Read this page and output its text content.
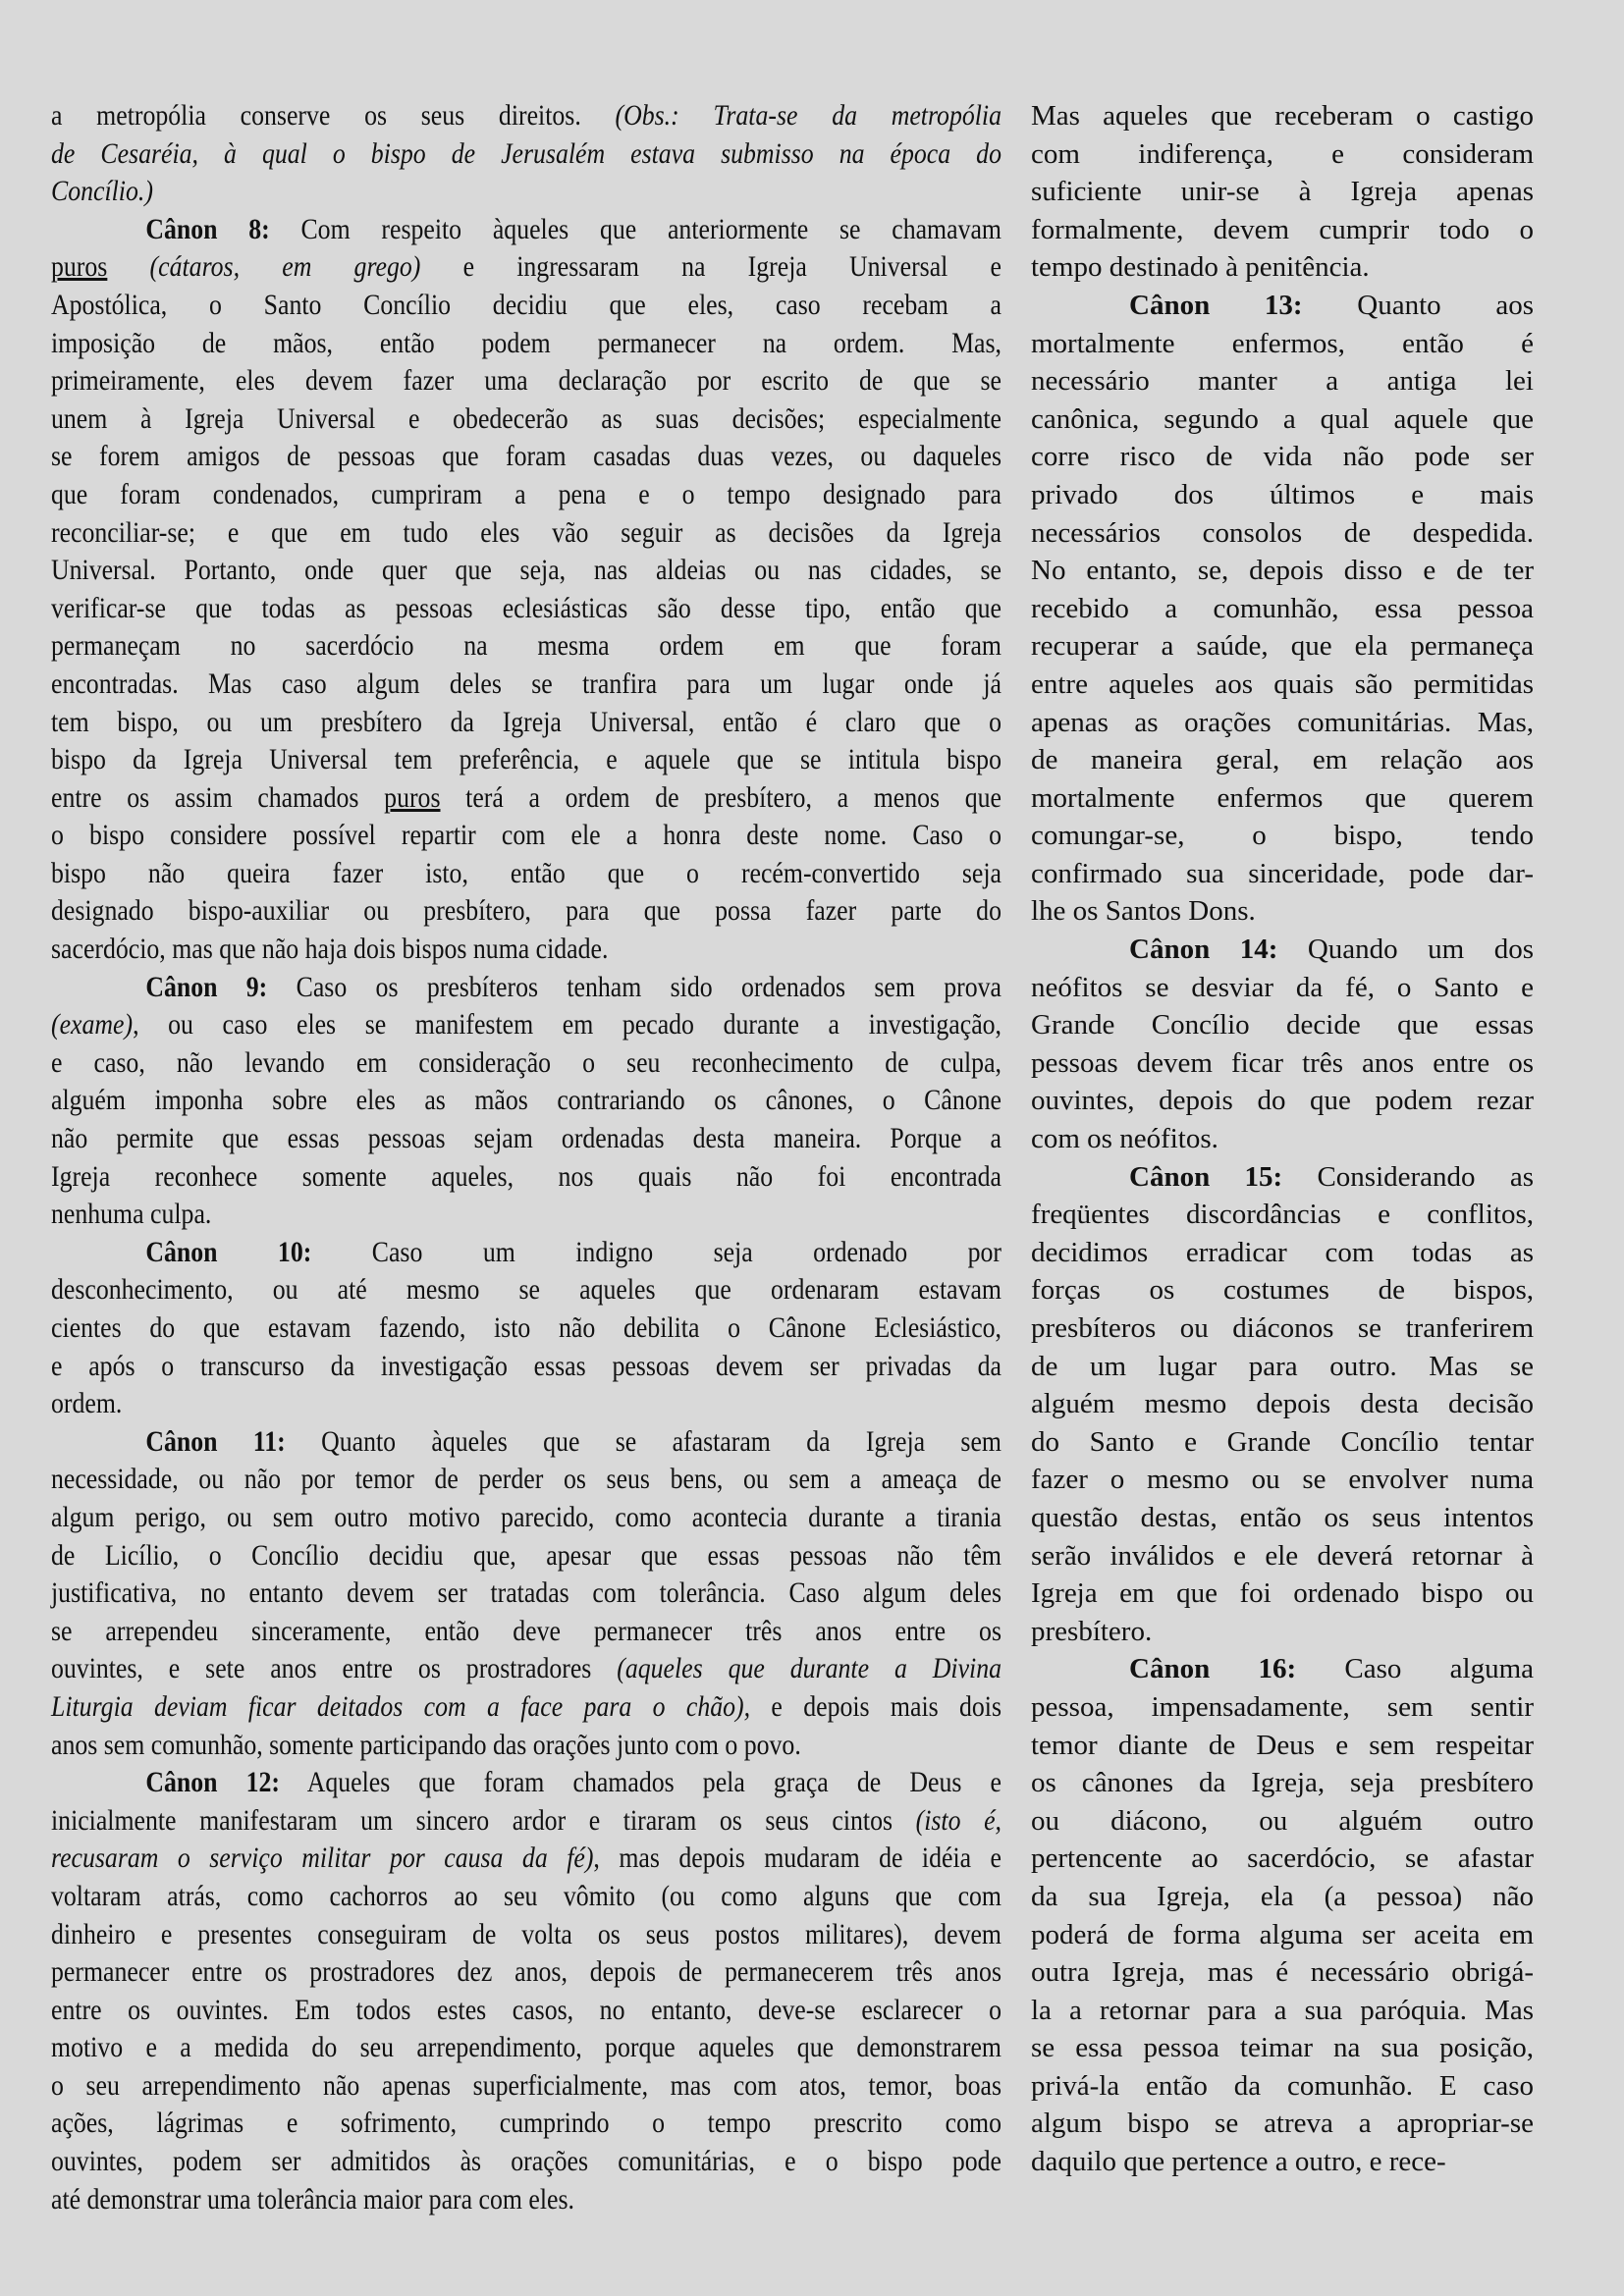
a metropólia conserve os seus direitos. (Obs.: Trata-se da metropólia
de Cesaréia, à qual o bispo de Jerusalém estava submisso na época do
Concílio.)
Cânon 8: Com respeito àqueles que anteriormente se chamavam
puros (cátaros, em grego) e ingressaram na Igreja Universal e
Apostólica, o Santo Concílio decidiu que eles, caso recebam a
imposição de mãos, então podem permanecer na ordem. Mas,
primeiramente, eles devem fazer uma declaração por escrito de que se
unem à Igreja Universal e obedecerão as suas decisões; especialmente
se forem amigos de pessoas que foram casadas duas vezes, ou daqueles
que foram condenados, cumpriram a pena e o tempo designado para
reconciliar-se; e que em tudo eles vão seguir as decisões da Igreja
Universal. Portanto, onde quer que seja, nas aldeias ou nas cidades, se
verificar-se que todas as pessoas eclesiásticas são desse tipo, então que
permaneçam no sacerdócio na mesma ordem em que foram
encontradas. Mas caso algum deles se tranfira para um lugar onde já
tem bispo, ou um presbítero da Igreja Universal, então é claro que o
bispo da Igreja Universal tem preferência, e aquele que se intitula bispo
entre os assim chamados puros terá a ordem de presbítero, a menos que
o bispo considere possível repartir com ele a honra deste nome. Caso o
bispo não queira fazer isto, então que o recém-convertido seja
designado bispo-auxiliar ou presbítero, para que possa fazer parte do
sacerdócio, mas que não haja dois bispos numa cidade.
Cânon 9: Caso os presbíteros tenham sido ordenados sem prova
(exame), ou caso eles se manifestem em pecado durante a investigação,
e caso, não levando em consideração o seu reconhecimento de culpa,
alguém imponha sobre eles as mãos contrariando os cânones, o Cânone
não permite que essas pessoas sejam ordenadas desta maneira. Porque a
Igreja reconhece somente aqueles, nos quais não foi encontrada
nenhuma culpa.
Cânon 10: Caso um indigno seja ordenado por
desconhecimento, ou até mesmo se aqueles que ordenaram estavam
cientes do que estavam fazendo, isto não debilita o Cânone Eclesiástico,
e após o transcurso da investigação essas pessoas devem ser privadas da
ordem.
Cânon 11: Quanto àqueles que se afastaram da Igreja sem
necessidade, ou não por temor de perder os seus bens, ou sem a ameaça de
algum perigo, ou sem outro motivo parecido, como acontecia durante a tirania
de Licílio, o Concílio decidiu que, apesar que essas pessoas não têm
justificativa, no entanto devem ser tratadas com tolerância. Caso algum deles
se arrependeu sinceramente, então deve permanecer três anos entre os
ouvintes, e sete anos entre os prostradores (aqueles que durante a Divina
Liturgia deviam ficar deitados com a face para o chão), e depois mais dois
anos sem comunhão, somente participando das orações junto com o povo.
Cânon 12: Aqueles que foram chamados pela graça de Deus e
inicialmente manifestaram um sincero ardor e tiraram os seus cintos (isto é,
recusaram o serviço militar por causa da fé), mas depois mudaram de idéia e
voltaram atrás, como cachorros ao seu vômito (ou como alguns que com
dinheiro e presentes conseguiram de volta os seus postos militares), devem
permanecer entre os prostradores dez anos, depois de permanecerem três anos
entre os ouvintes. Em todos estes casos, no entanto, deve-se esclarecer o
motivo e a medida do seu arrependimento, porque aqueles que demonstrarem
o seu arrependimento não apenas superficialmente, mas com atos, temor, boas
ações, lágrimas e sofrimento, cumprindo o tempo prescrito como
ouvintes, podem ser admitidos às orações comunitárias, e o bispo pode
até demonstrar uma tolerância maior para com eles.
Mas aqueles que receberam o castigo
com indiferença, e consideram
suficiente unir-se à Igreja apenas
formalmente, devem cumprir todo o
tempo destinado à penitência.
Cânon 13: Quanto aos
mortalmente enfermos, então é
necessário manter a antiga lei
canônica, segundo a qual aquele que
corre risco de vida não pode ser
privado dos últimos e mais
necessários consolos de despedida.
No entanto, se, depois disso e de ter
recebido a comunhão, essa pessoa
recuperar a saúde, que ela permaneça
entre aqueles aos quais são permitidas
apenas as orações comunitárias. Mas,
de maneira geral, em relação aos
mortalmente enfermos que querem
comungar-se, o bispo, tendo
confirmado sua sinceridade, pode dar-
lhe os Santos Dons.
Cânon 14: Quando um dos
neófitos se desviar da fé, o Santo e
Grande Concílio decide que essas
pessoas devem ficar três anos entre os
ouvintes, depois do que podem rezar
com os neófitos.
Cânon 15: Considerando as
freqüentes discordâncias e conflitos,
decidimos erradicar com todas as
forças os costumes de bispos,
presbíteros ou diáconos se tranferirem
de um lugar para outro. Mas se
alguém mesmo depois desta decisão
do Santo e Grande Concílio tentar
fazer o mesmo ou se envolver numa
questão destas, então os seus intentos
serão inválidos e ele deverá retornar à
Igreja em que foi ordenado bispo ou
presbítero.
Cânon 16: Caso alguma
pessoa, impensadamente, sem sentir
temor diante de Deus e sem respeitar
os cânones da Igreja, seja presbítero
ou diácono, ou alguém outro
pertencente ao sacerdócio, se afastar
da sua Igreja, ela (a pessoa) não
poderá de forma alguma ser aceita em
outra Igreja, mas é necessário obrigá-
la a retornar para a sua paróquia. Mas
se essa pessoa teimar na sua posição,
privá-la então da comunhão. E caso
algum bispo se atreva a apropriar-se
daquilo que pertence a outro, e rece-
